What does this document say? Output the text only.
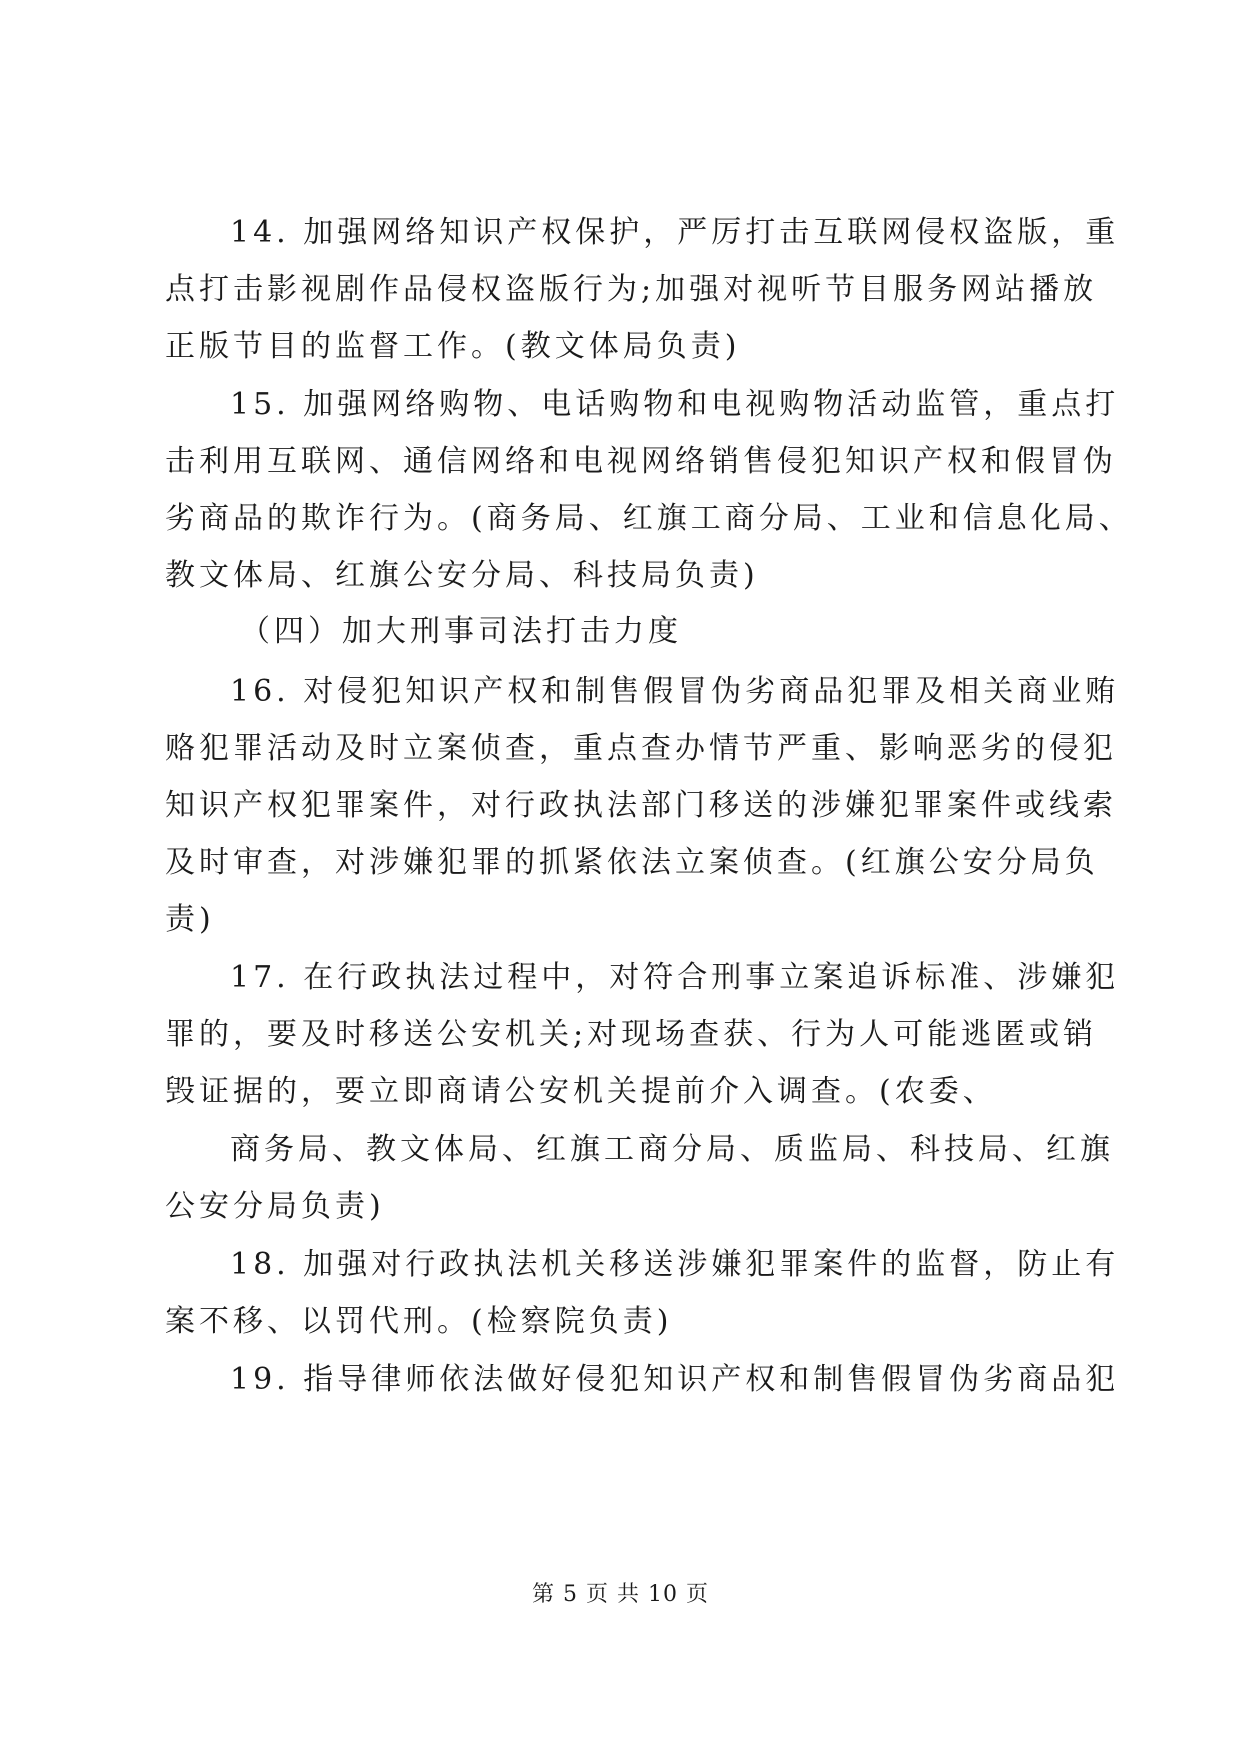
14. 加强网络知识产权保护，严厉打击互联网侵权盗版，重
点打击影视剧作品侵权盗版行为;加强对视听节目服务网站播放
正版节目的监督工作。(教文体局负责)
15. 加强网络购物、电话购物和电视购物活动监管，重点打
击利用互联网、通信网络和电视网络销售侵犯知识产权和假冒伪
劣商品的欺诈行为。(商务局、红旗工商分局、工业和信息化局、
教文体局、红旗公安分局、科技局负责)
（四）加大刑事司法打击力度
16. 对侵犯知识产权和制售假冒伪劣商品犯罪及相关商业贿
赂犯罪活动及时立案侦查，重点查办情节严重、影响恶劣的侵犯
知识产权犯罪案件，对行政执法部门移送的涉嫌犯罪案件或线索
及时审查，对涉嫌犯罪的抓紧依法立案侦查。(红旗公安分局负
责)
17. 在行政执法过程中，对符合刑事立案追诉标准、涉嫌犯
罪的，要及时移送公安机关;对现场查获、行为人可能逃匿或销
毁证据的，要立即商请公安机关提前介入调查。(农委、
商务局、教文体局、红旗工商分局、质监局、科技局、红旗
公安分局负责)
18. 加强对行政执法机关移送涉嫌犯罪案件的监督，防止有
案不移、以罚代刑。(检察院负责)
19. 指导律师依法做好侵犯知识产权和制售假冒伪劣商品犯
第 5 页 共 10 页
